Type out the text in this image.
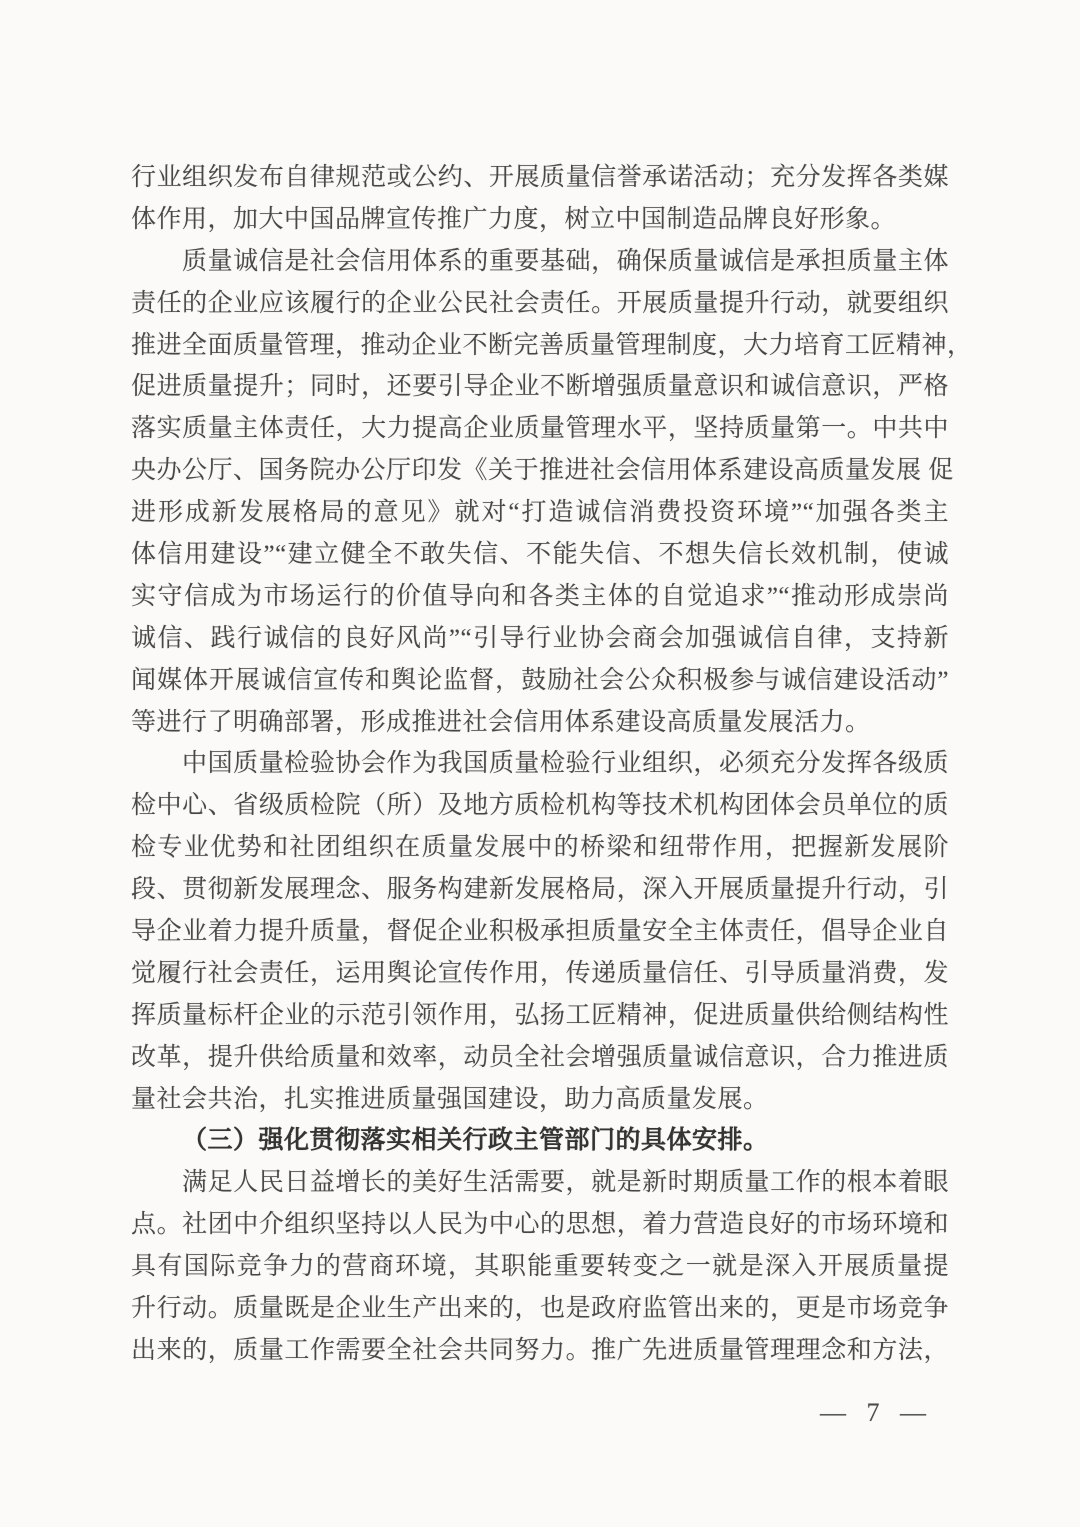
行业组织发布自律规范或公约、开展质量信誉承诺活动；充分发挥各类媒
体作用，加大中国品牌宣传推广力度，树立中国制造品牌良好形象。
质量诚信是社会信用体系的重要基础，确保质量诚信是承担质量主体
责任的企业应该履行的企业公民社会责任。开展质量提升行动，就要组织
推进全面质量管理，推动企业不断完善质量管理制度，大力培育工匠精神，
促进质量提升；同时，还要引导企业不断增强质量意识和诚信意识，严格
落实质量主体责任，大力提高企业质量管理水平，坚持质量第一。中共中
央办公厅、国务院办公厅印发《关于推进社会信用体系建设高质量发展 促
进形成新发展格局的意见》就对“打造诚信消费投资环境”“加强各类主
体信用建设”“建立健全不敢失信、不能失信、不想失信长效机制，使诚
实守信成为市场运行的价值导向和各类主体的自觉追求”“推动形成崇尚
诚信、践行诚信的良好风尚”“引导行业协会商会加强诚信自律，支持新
闻媒体开展诚信宣传和舆论监督，鼓励社会公众积极参与诚信建设活动”
等进行了明确部署，形成推进社会信用体系建设高质量发展活力。
中国质量检验协会作为我国质量检验行业组织，必须充分发挥各级质
检中心、省级质检院（所）及地方质检机构等技术机构团体会员单位的质
检专业优势和社团组织在质量发展中的桥梁和纽带作用，把握新发展阶
段、贯彻新发展理念、服务构建新发展格局，深入开展质量提升行动，引
导企业着力提升质量，督促企业积极承担质量安全主体责任，倡导企业自
觉履行社会责任，运用舆论宣传作用，传递质量信任、引导质量消费，发
挥质量标杆企业的示范引领作用，弘扬工匠精神，促进质量供给侧结构性
改革，提升供给质量和效率，动员全社会增强质量诚信意识，合力推进质
量社会共治，扎实推进质量强国建设，助力高质量发展。
（三）强化贯彻落实相关行政主管部门的具体安排。
满足人民日益增长的美好生活需要，就是新时期质量工作的根本着眼
点。社团中介组织坚持以人民为中心的思想，着力营造良好的市场环境和
具有国际竞争力的营商环境，其职能重要转变之一就是深入开展质量提
升行动。质量既是企业生产出来的，也是政府监管出来的，更是市场竞争
出来的，质量工作需要全社会共同努力。推广先进质量管理理念和方法，
— 7 —
